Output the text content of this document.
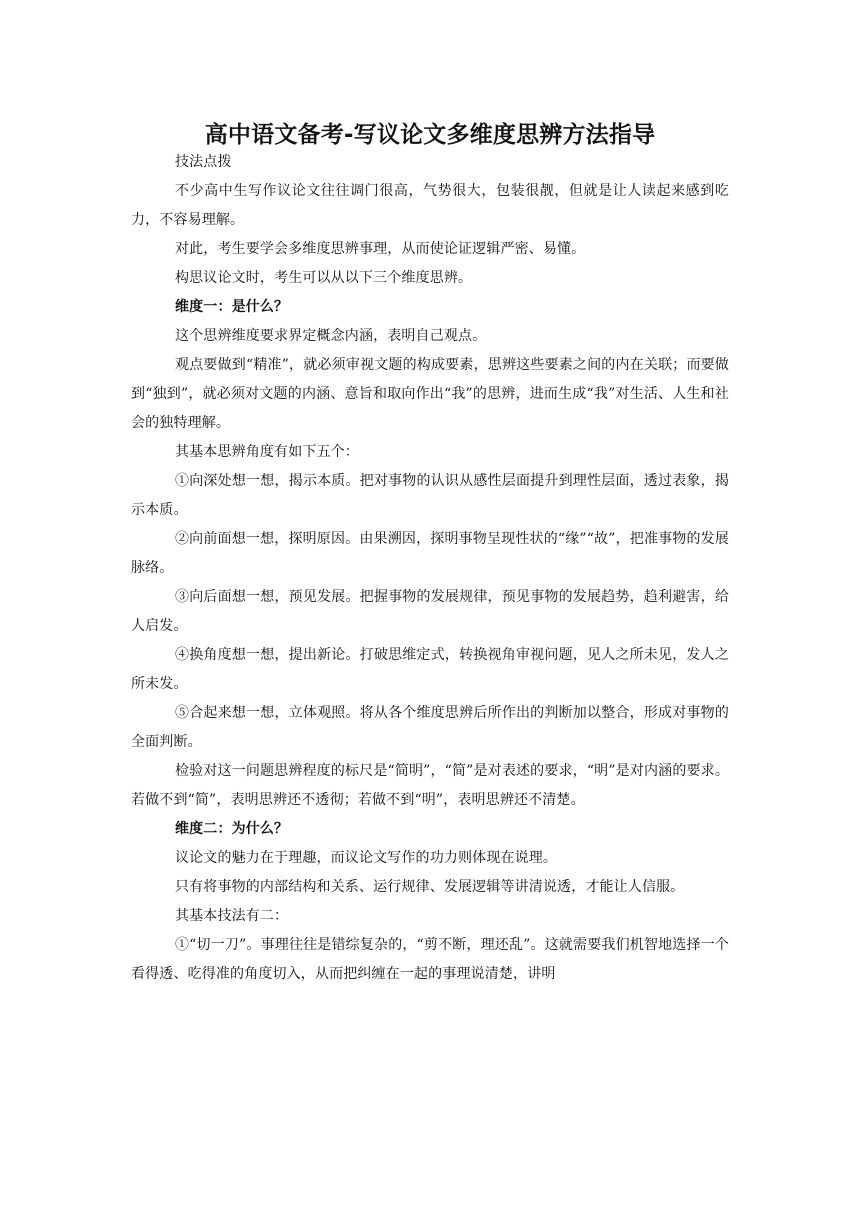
高中语文备考-写议论文多维度思辨方法指导

技法点拨

不少高中生写作议论文往往调门很高，气势很大，包装很靓，但就是让人读起来感到吃力，不容易理解。

对此，考生要学会多维度思辨事理，从而使论证逻辑严密、易懂。

构思议论文时，考生可以从以下三个维度思辨。

维度一：是什么？

这个思辨维度要求界定概念内涵，表明自己观点。

观点要做到“精准”，就必须审视文题的构成要素，思辨这些要素之间的内在关联；而要做到“独到”，就必须对文题的内涵、意旨和取向作出“我”的思辨，进而生成“我”对生活、人生和社会的独特理解。

其基本思辨角度有如下五个：

①向深处想一想，揭示本质。把对事物的认识从感性层面提升到理性层面，透过表象，揭示本质。

②向前面想一想，探明原因。由果溯因，探明事物呈现性状的“缘”“故”，把准事物的发展脉络。

③向后面想一想，预见发展。把握事物的发展规律，预见事物的发展趋势，趋利避害，给人启发。

④换角度想一想，提出新论。打破思维定式，转换视角审视问题，见人之所未见，发人之所未发。

⑤合起来想一想，立体观照。将从各个维度思辨后所作出的判断加以整合，形成对事物的全面判断。

检验对这一问题思辨程度的标尺是“简明”，“简”是对表述的要求，“明”是对内涵的要求。若做不到“简”，表明思辨还不透彻；若做不到“明”，表明思辨还不清楚。

维度二：为什么？

议论文的魅力在于理趣，而议论文写作的功力则体现在说理。

只有将事物的内部结构和关系、运行规律、发展逻辑等讲清说透，才能让人信服。

其基本技法有二：

①“切一刀”。事理往往是错综复杂的，“剪不断，理还乱”。这就需要我们机智地选择一个看得透、吃得准的角度切入，从而把纠缠在一起的事理说清楚，讲明
